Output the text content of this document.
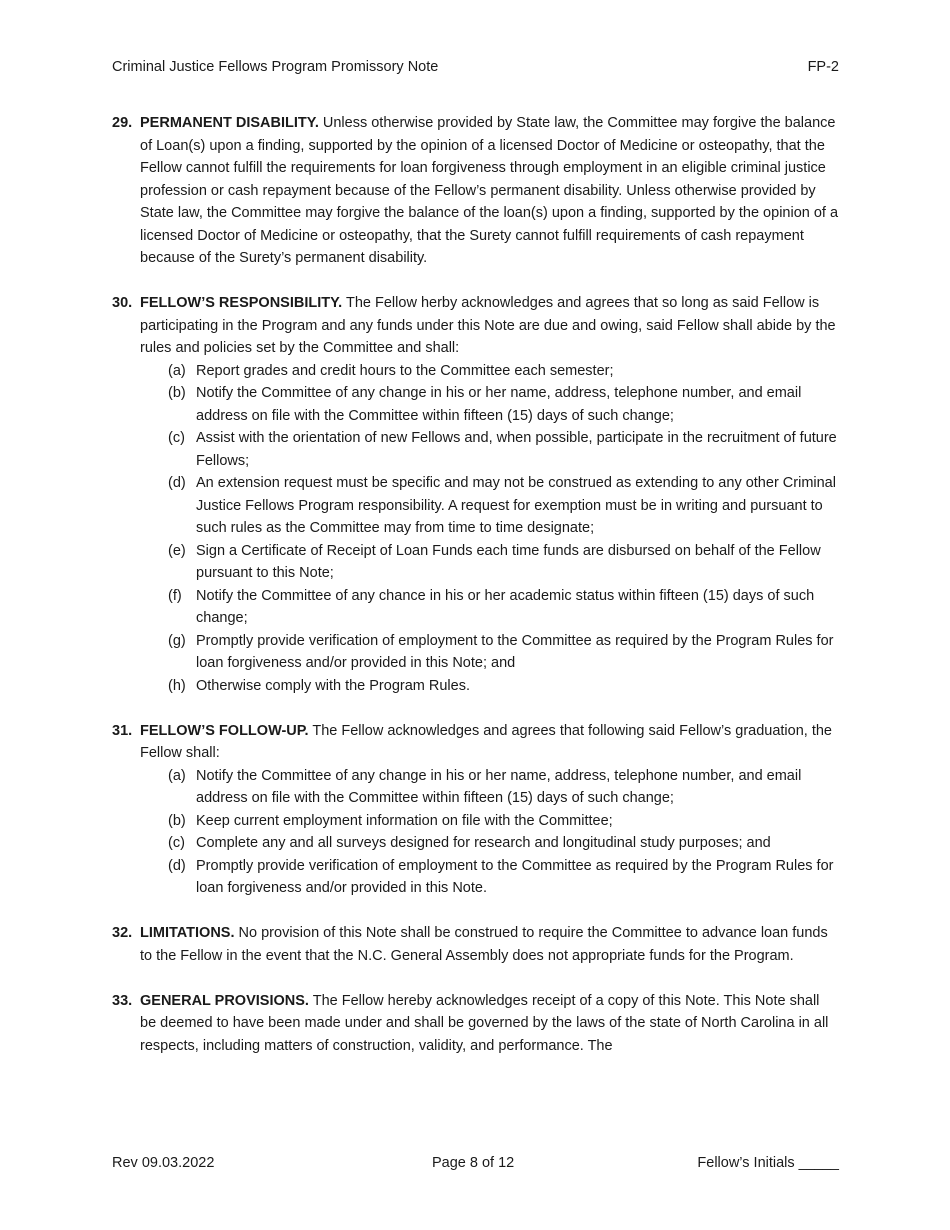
Criminal Justice Fellows Program Promissory Note	FP-2
29. PERMANENT DISABILITY. Unless otherwise provided by State law, the Committee may forgive the balance of Loan(s) upon a finding, supported by the opinion of a licensed Doctor of Medicine or osteopathy, that the Fellow cannot fulfill the requirements for loan forgiveness through employment in an eligible criminal justice profession or cash repayment because of the Fellow’s permanent disability. Unless otherwise provided by State law, the Committee may forgive the balance of the loan(s) upon a finding, supported by the opinion of a licensed Doctor of Medicine or osteopathy, that the Surety cannot fulfill requirements of cash repayment because of the Surety’s permanent disability.
30. FELLOW’S RESPONSIBILITY. The Fellow herby acknowledges and agrees that so long as said Fellow is participating in the Program and any funds under this Note are due and owing, said Fellow shall abide by the rules and policies set by the Committee and shall:
(a) Report grades and credit hours to the Committee each semester;
(b) Notify the Committee of any change in his or her name, address, telephone number, and email address on file with the Committee within fifteen (15) days of such change;
(c) Assist with the orientation of new Fellows and, when possible, participate in the recruitment of future Fellows;
(d) An extension request must be specific and may not be construed as extending to any other Criminal Justice Fellows Program responsibility. A request for exemption must be in writing and pursuant to such rules as the Committee may from time to time designate;
(e) Sign a Certificate of Receipt of Loan Funds each time funds are disbursed on behalf of the Fellow pursuant to this Note;
(f) Notify the Committee of any chance in his or her academic status within fifteen (15) days of such change;
(g) Promptly provide verification of employment to the Committee as required by the Program Rules for loan forgiveness and/or provided in this Note; and
(h) Otherwise comply with the Program Rules.
31. FELLOW’S FOLLOW-UP. The Fellow acknowledges and agrees that following said Fellow’s graduation, the Fellow shall:
(a) Notify the Committee of any change in his or her name, address, telephone number, and email address on file with the Committee within fifteen (15) days of such change;
(b) Keep current employment information on file with the Committee;
(c) Complete any and all surveys designed for research and longitudinal study purposes; and
(d) Promptly provide verification of employment to the Committee as required by the Program Rules for loan forgiveness and/or provided in this Note.
32. LIMITATIONS. No provision of this Note shall be construed to require the Committee to advance loan funds to the Fellow in the event that the N.C. General Assembly does not appropriate funds for the Program.
33. GENERAL PROVISIONS. The Fellow hereby acknowledges receipt of a copy of this Note. This Note shall be deemed to have been made under and shall be governed by the laws of the state of North Carolina in all respects, including matters of construction, validity, and performance. The
Rev 09.03.2022	Page 8 of 12	Fellow’s Initials _____
